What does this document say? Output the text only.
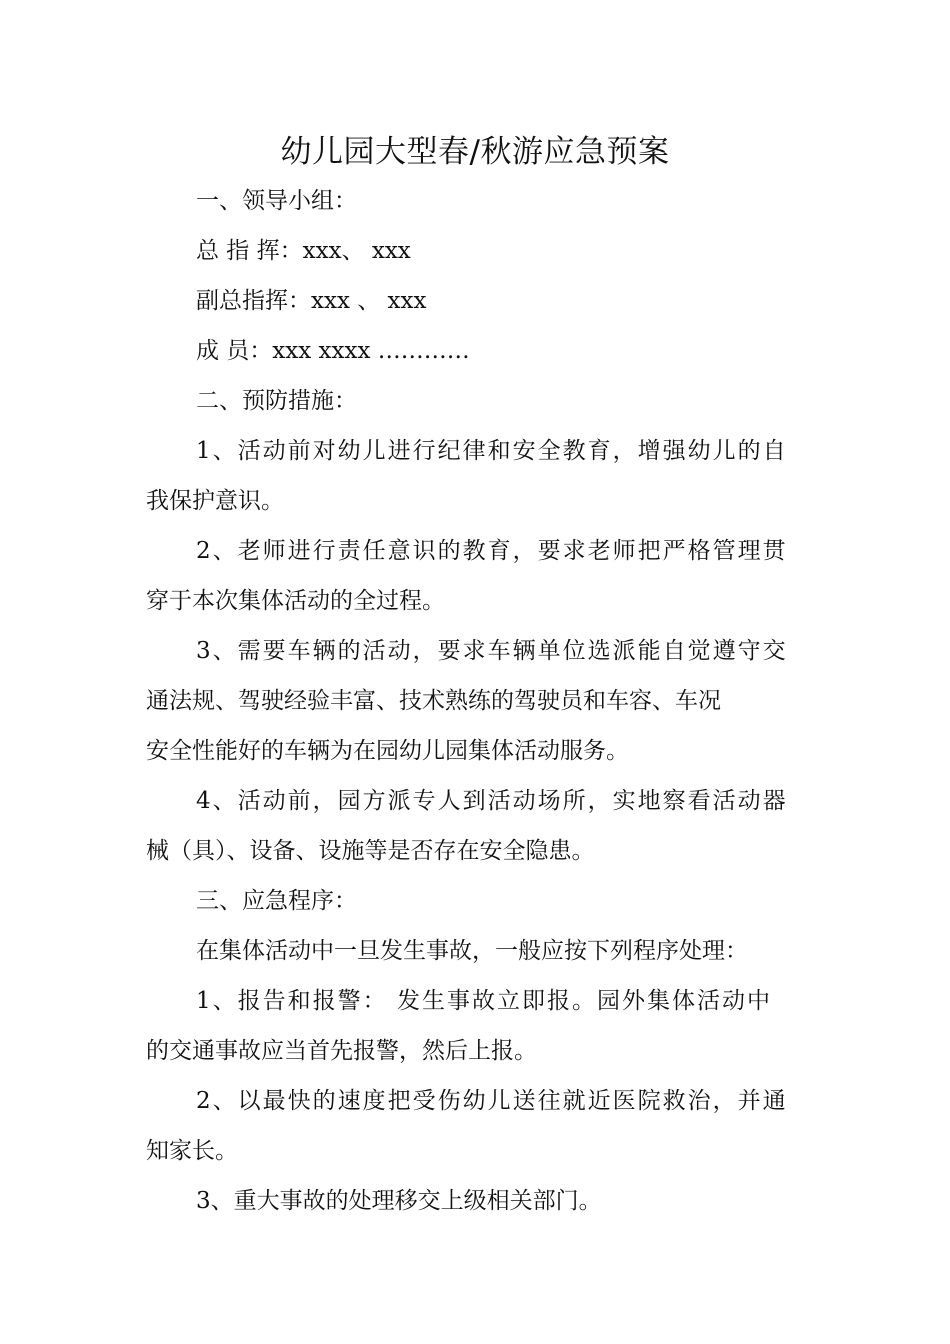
幼儿园大型春/秋游应急预案

一、领导小组：

总 指 挥：xxx、 xxx

副总指挥：xxx 、 xxx

成 员：xxx xxxx …………

二、预防措施：

1、活动前对幼儿进行纪律和安全教育，增强幼儿的自

我保护意识。

2、老师进行责任意识的教育，要求老师把严格管理贯

穿于本次集体活动的全过程。

3、需要车辆的活动，要求车辆单位选派能自觉遵守交

通法规、驾驶经验丰富、技术熟练的驾驶员和车容、车况

安全性能好的车辆为在园幼儿园集体活动服务。

4、活动前，园方派专人到活动场所，实地察看活动器

械（具）、设备、设施等是否存在安全隐患。

三、应急程序：

在集体活动中一旦发生事故，一般应按下列程序处理：

1、报告和报警： 发生事故立即报。园外集体活动中

的交通事故应当首先报警，然后上报。

2、以最快的速度把受伤幼儿送往就近医院救治，并通

知家长。

3、重大事故的处理移交上级相关部门。
